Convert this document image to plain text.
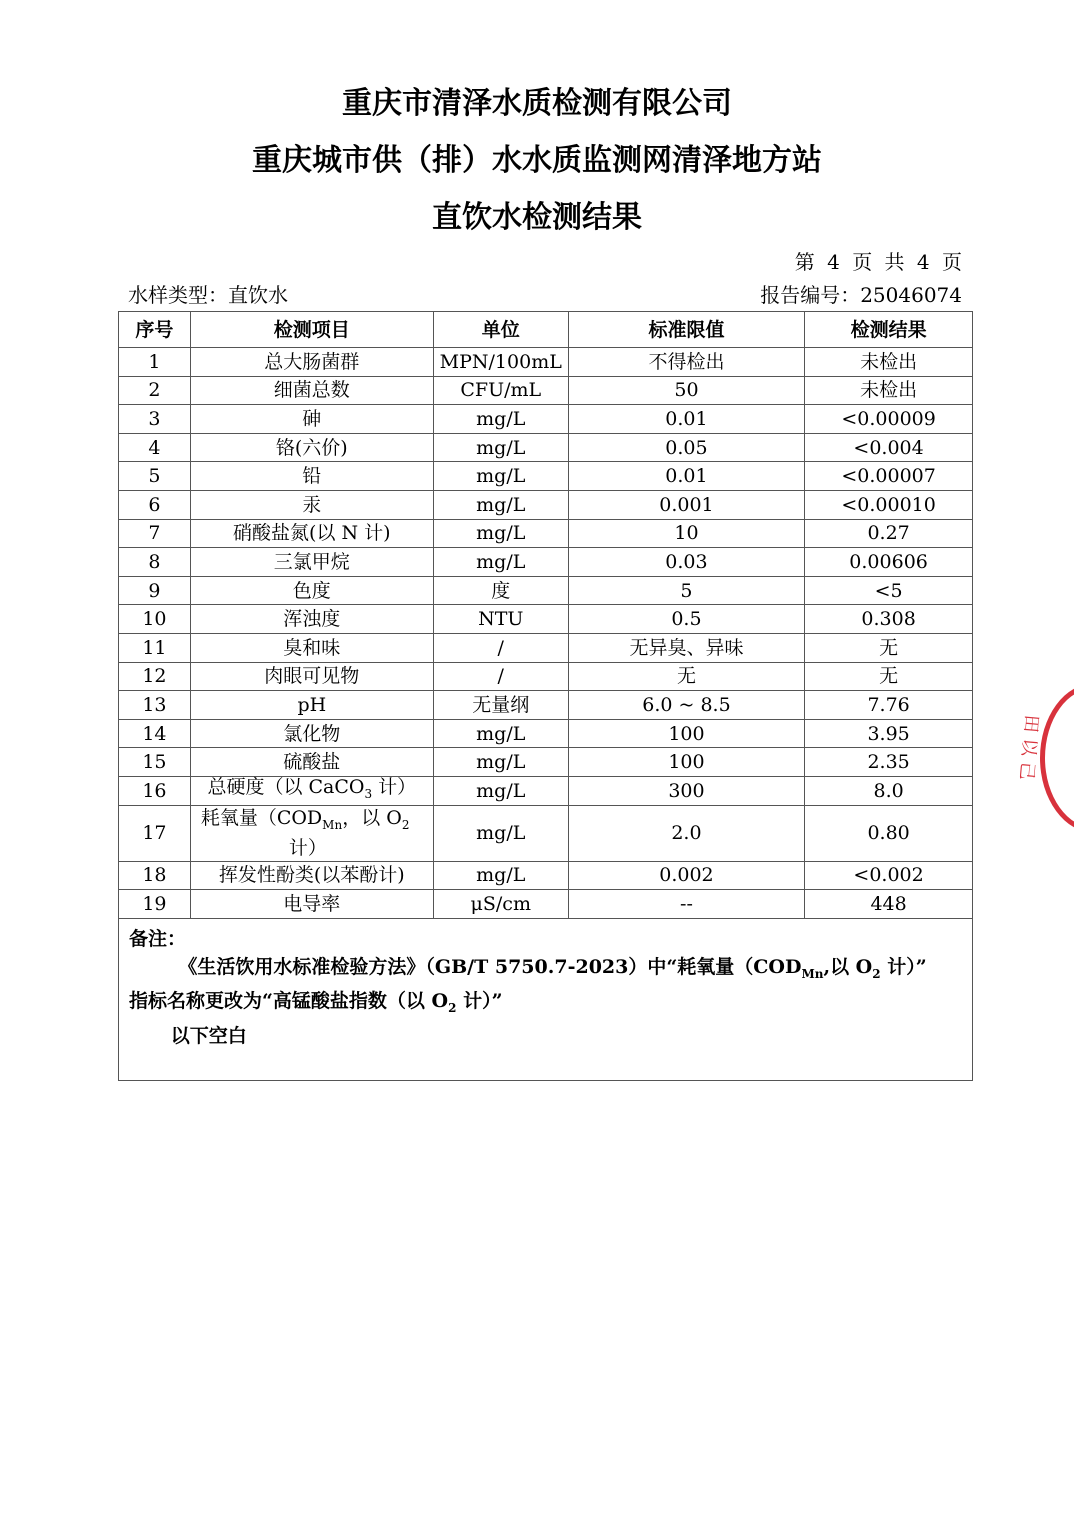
重庆市清泽水质检测有限公司
重庆城市供（排）水水质监测网清泽地方站
直饮水检测结果
第 4 页 共 4 页
水样类型：直饮水	报告编号：25046074
序号	检测项目	单位	标准限值	检测结果
1	总大肠菌群	MPN/100mL	不得检出	未检出
2	细菌总数	CFU/mL	50	未检出
3	砷	mg/L	0.01	<0.00009
4	铬(六价)	mg/L	0.05	<0.004
5	铅	mg/L	0.01	<0.00007
6	汞	mg/L	0.001	<0.00010
7	硝酸盐氮(以 N 计)	mg/L	10	0.27
8	三氯甲烷	mg/L	0.03	0.00606
9	色度	度	5	<5
10	浑浊度	NTU	0.5	0.308
11	臭和味	/	无异臭、异味	无
12	肉眼可见物	/	无	无
13	pH	无量纲	6.0 ~ 8.5	7.76
14	氯化物	mg/L	100	3.95
15	硫酸盐	mg/L	100	2.35
16	总硬度（以 CaCO$_3$ 计）	mg/L	300	8.0
17	耗氧量（$COD_{Mn}$，以 $O_2$
计）	mg/L	2.0	0.80
18	挥发性酚类(以苯酚计)	mg/L	0.002	<0.002
19	电导率	μS/cm	--	448

备注：
《生活饮用水标准检验方法》（GB/T 5750.7-2023）中“耗氧量（$COD_{Mn}$,以 $O_2$ 计）”
指标名称更改为“高锰酸盐指数（以 $O_2$ 计）”
以下空白				
田 以 己
